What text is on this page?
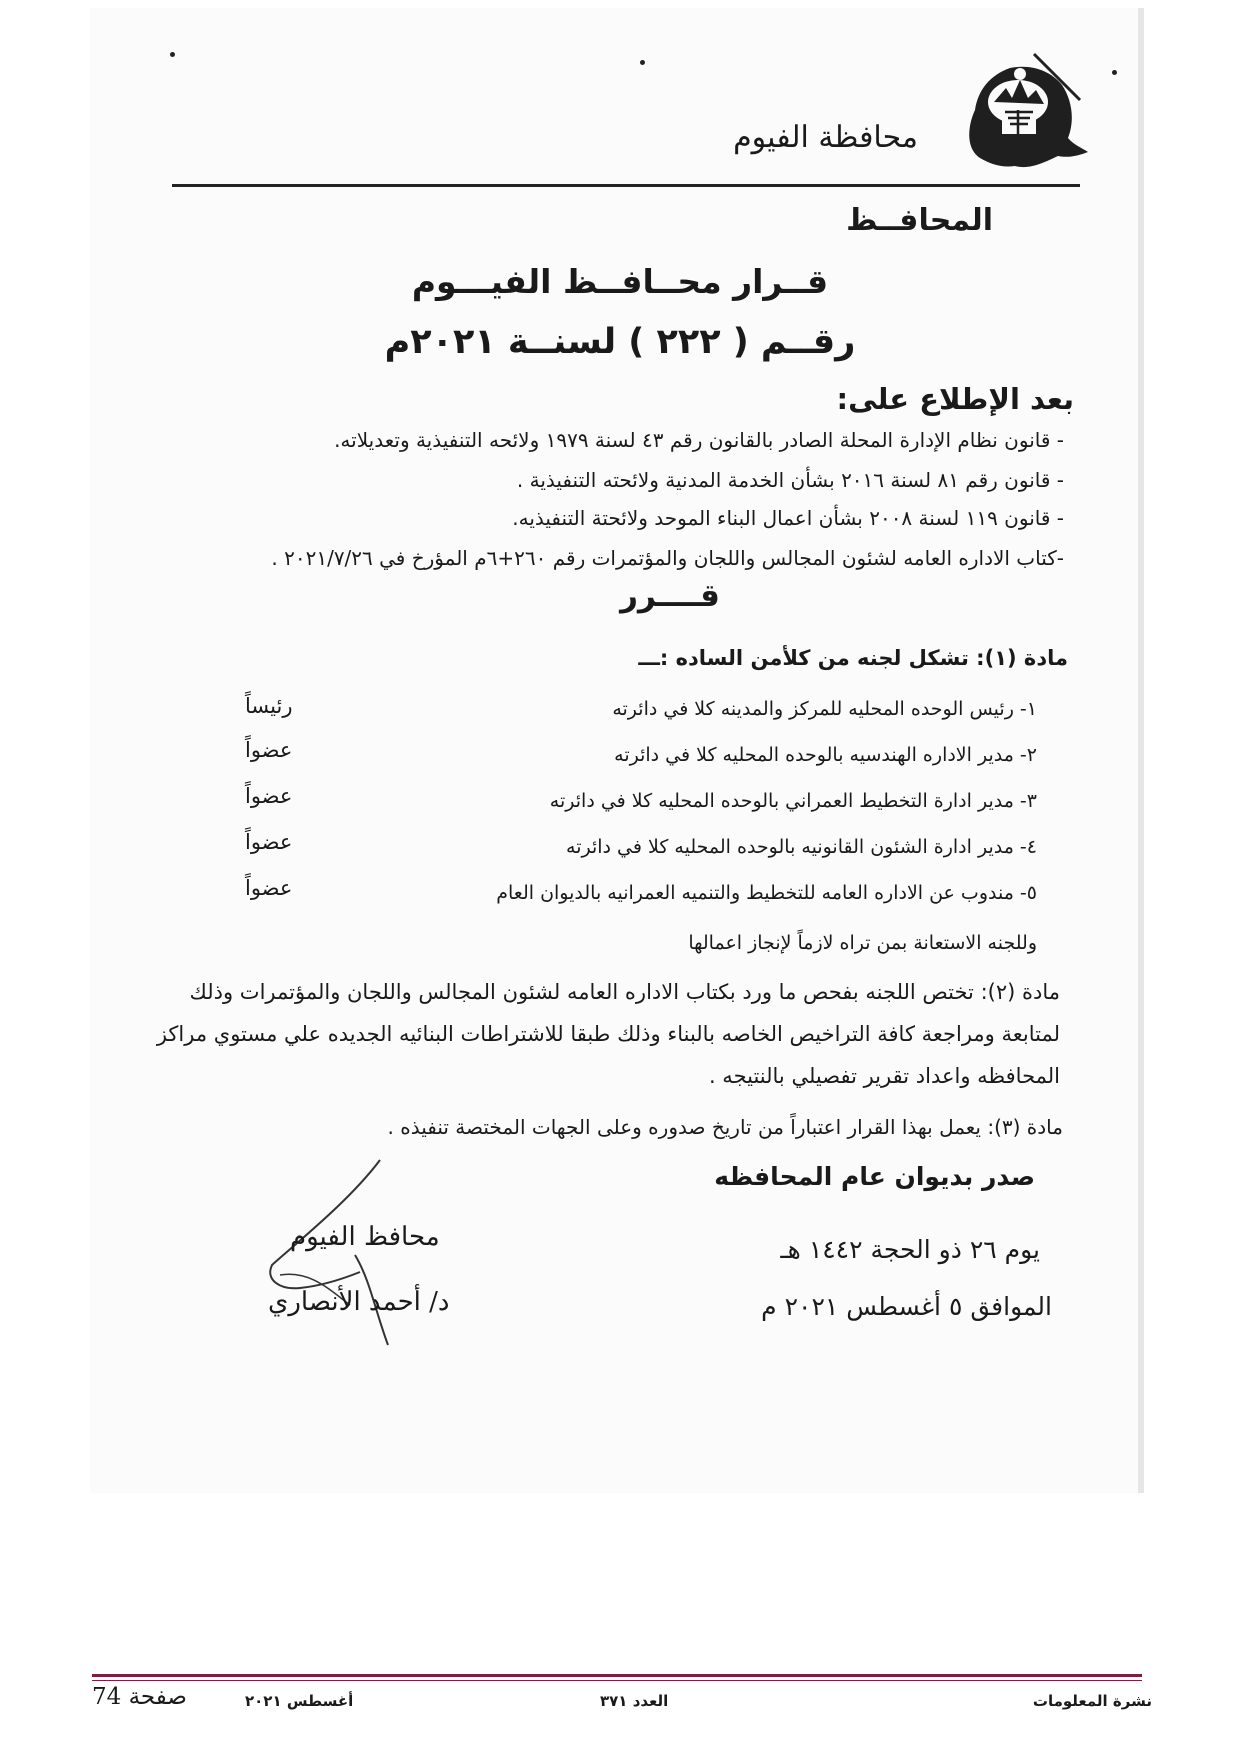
محافظة الفيوم
المحافــظ
قــرار محــافــظ الفيـــوم
رقــم ( ٢٢٢ ) لسنــة ٢٠٢١م
بعد الإطلاع على:
- قانون نظام الإدارة المحلة الصادر بالقانون رقم ٤٣ لسنة ١٩٧٩ ولائحه التنفيذية وتعديلاته.
- قانون رقم ٨١ لسنة ٢٠١٦ بشأن الخدمة المدنية ولائحته التنفيذية .
- قانون ١١٩ لسنة ٢٠٠٨ بشأن اعمال البناء الموحد ولائحتة التنفيذيه.
-كتاب الاداره العامه لشئون المجالس واللجان والمؤتمرات رقم ٢٦٠+٦م المؤرخ في ٢٠٢١/٧/٢٦ .
قــــرر
مادة (١): تشكل لجنه من كلأمن الساده :ـــ
١- رئيس الوحده المحليه للمركز والمدينه كلا في دائرته
رئيساً
٢- مدير الاداره الهندسيه بالوحده المحليه كلا في دائرته
عضواً
٣- مدير ادارة التخطيط العمراني بالوحده المحليه كلا في دائرته
عضواً
٤- مدير ادارة الشئون القانونيه بالوحده المحليه كلا في دائرته
عضواً
٥- مندوب عن الاداره العامه للتخطيط والتنميه العمرانيه بالديوان العام
عضواً
وللجنه الاستعانة بمن تراه لازماً لإنجاز اعمالها
مادة (٢): تختص اللجنه بفحص ما ورد بكتاب الاداره العامه لشئون المجالس واللجان والمؤتمرات وذلك
لمتابعة ومراجعة كافة التراخيص الخاصه بالبناء وذلك طبقا للاشتراطات البنائيه الجديده علي مستوي مراكز
المحافظه واعداد تقرير تفصيلي بالنتيجه .
مادة (٣): يعمل بهذا القرار اعتباراً من تاريخ صدوره وعلى الجهات المختصة تنفيذه .
صدر بديوان عام المحافظه
يوم ٢٦ ذو الحجة ١٤٤٢ هـ
الموافق ٥ أغسطس ٢٠٢١ م
محافظ الفيوم
د/ أحمد الأنصاري
نشرة المعلومات
العدد ٣٧١
أغسطس ٢٠٢١
صفحة 74
